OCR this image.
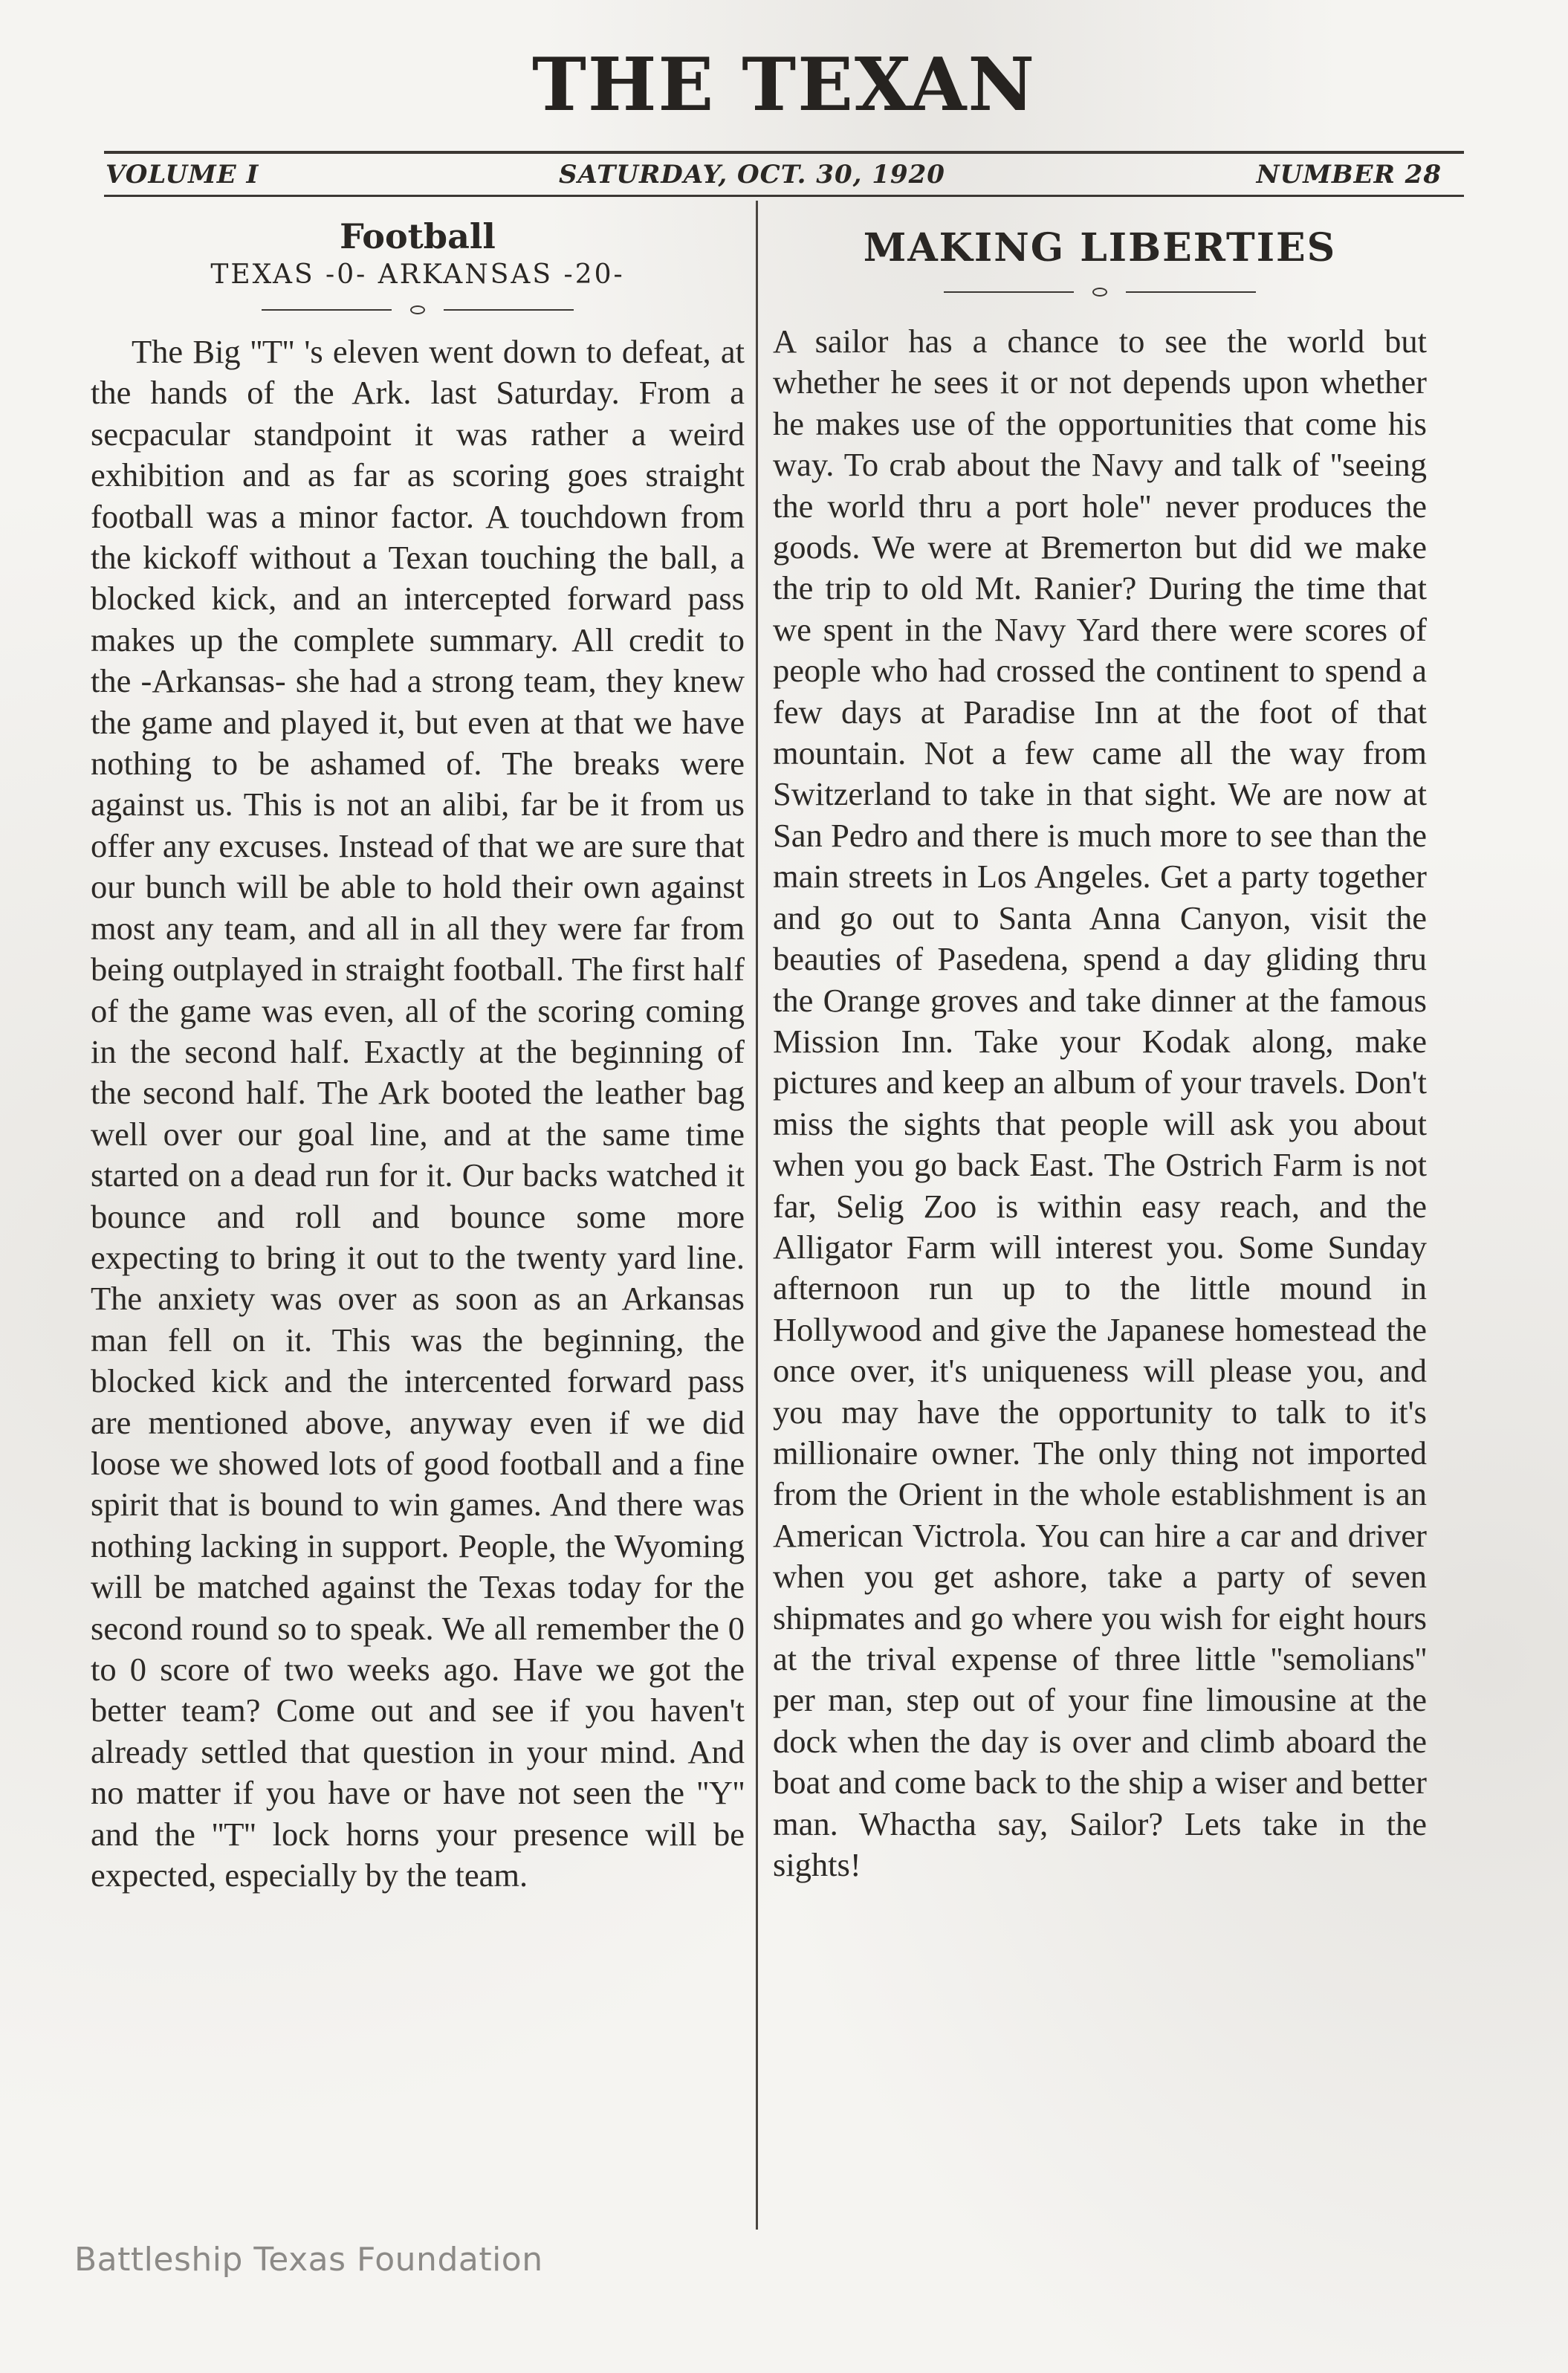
THE TEXAN
VOLUME I	SATURDAY, OCT. 30, 1920	NUMBER 28
Football
TEXAS -0- ARKANSAS -20-

The Big ''T'' 's eleven went down to defeat, at the hands of the Ark. last Saturday. From a secpacular standpoint it was rather a weird exhibition and as far as scoring goes straight football was a minor factor. A touchdown from the kickoff without a Texan touching the ball, a blocked kick, and an intercepted forward pass makes up the complete summary. All credit to the -Arkansas- she had a strong team, they knew the game and played it, but even at that we have nothing to be ashamed of. The breaks were against us. This is not an alibi, far be it from us offer any excuses. Instead of that we are sure that our bunch will be able to hold their own against most any team, and all in all they were far from being outplayed in straight football. The first half of the game was even, all of the scoring coming in the second half. Exactly at the beginning of the second half. The Ark booted the leather bag well over our goal line, and at the same time started on a dead run for it. Our backs watched it bounce and roll and bounce some more expecting to bring it out to the twenty yard line. The anxiety was over as soon as an Arkansas man fell on it. This was the beginning, the blocked kick and the intercented forward pass are mentioned above, anyway even if we did loose we showed lots of good football and a fine spirit that is bound to win games. And there was nothing lacking in support. People, the Wyoming will be matched against the Texas today for the second round so to speak. We all remember the 0 to 0 score of two weeks ago. Have we got the better team? Come out and see if you haven't already settled that question in your mind. And no matter if you have or have not seen the ''Y'' and the ''T'' lock horns your presence will be expected, especially by the team.

MAKING LIBERTIES

A sailor has a chance to see the world but whether he sees it or not depends upon whether he makes use of the opportunities that come his way. To crab about the Navy and talk of ''seeing the world thru a port hole'' never produces the goods. We were at Bremerton but did we make the trip to old Mt. Ranier? During the time that we spent in the Navy Yard there were scores of people who had crossed the continent to spend a few days at Paradise Inn at the foot of that mountain. Not a few came all the way from Switzerland to take in that sight. We are now at San Pedro and there is much more to see than the main streets in Los Angeles. Get a party together and go out to Santa Anna Canyon, visit the beauties of Pasedena, spend a day gliding thru the Orange groves and take dinner at the famous Mission Inn. Take your Kodak along, make pictures and keep an album of your travels. Don't miss the sights that people will ask you about when you go back East. The Ostrich Farm is not far, Selig Zoo is within easy reach, and the Alligator Farm will interest you. Some Sunday afternoon run up to the little mound in Hollywood and give the Japanese homestead the once over, it's uniqueness will please you, and you may have the opportunity to talk to it's millionaire owner. The only thing not imported from the Orient in the whole establishment is an American Victrola. You can hire a car and driver when you get ashore, take a party of seven shipmates and go where you wish for eight hours at the trival expense of three little ''semolians'' per man, step out of your fine limousine at the dock when the day is over and climb aboard the boat and come back to the ship a wiser and better man. Whactha say, Sailor? Lets take in the sights!

Battleship Texas Foundation
